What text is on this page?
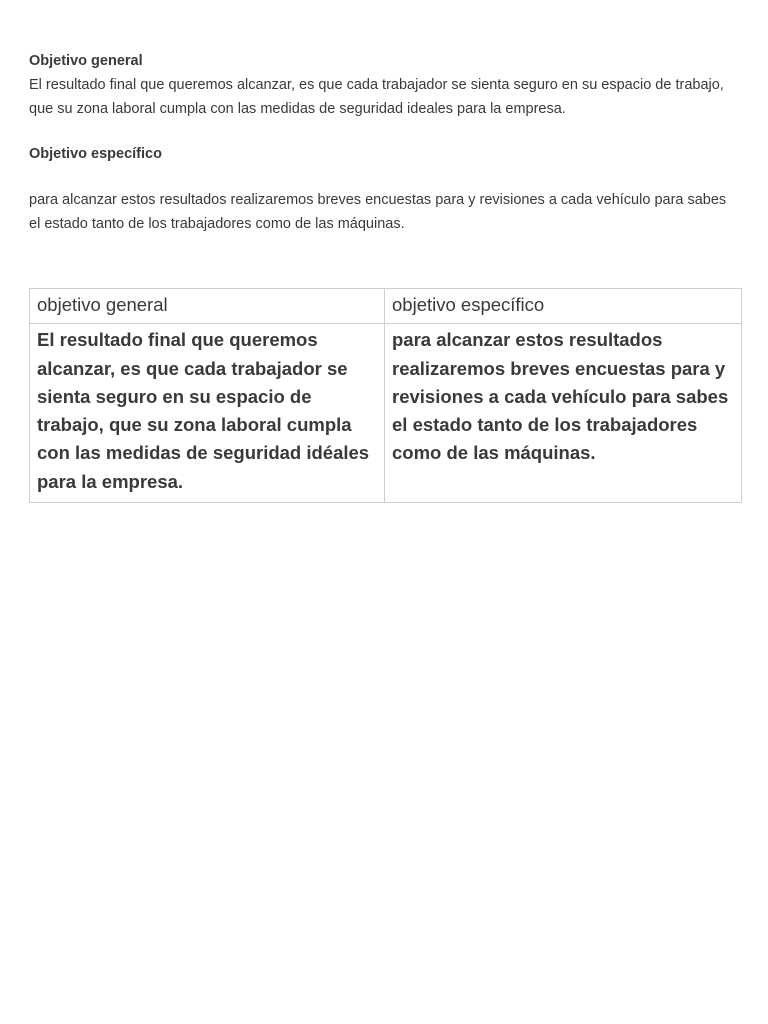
Objetivo general

El resultado final que queremos alcanzar, es que cada trabajador se sienta seguro en su espacio de trabajo, que su zona laboral cumpla con las medidas de seguridad ideales para la empresa.

Objetivo específico

para alcanzar estos resultados realizaremos breves encuestas para y revisiones a cada vehículo para sabes el estado tanto de los trabajadores como de las máquinas.

objetivo general	objetivo específico
El resultado final que queremos alcanzar, es que cada trabajador se sienta seguro en su espacio de trabajo, que su zona laboral cumpla con las medidas de seguridad idéales para la empresa.	para alcanzar estos resultados realizaremos breves encuestas para y revisiones a cada vehículo para sabes el estado tanto de los trabajadores como de las máquinas.
